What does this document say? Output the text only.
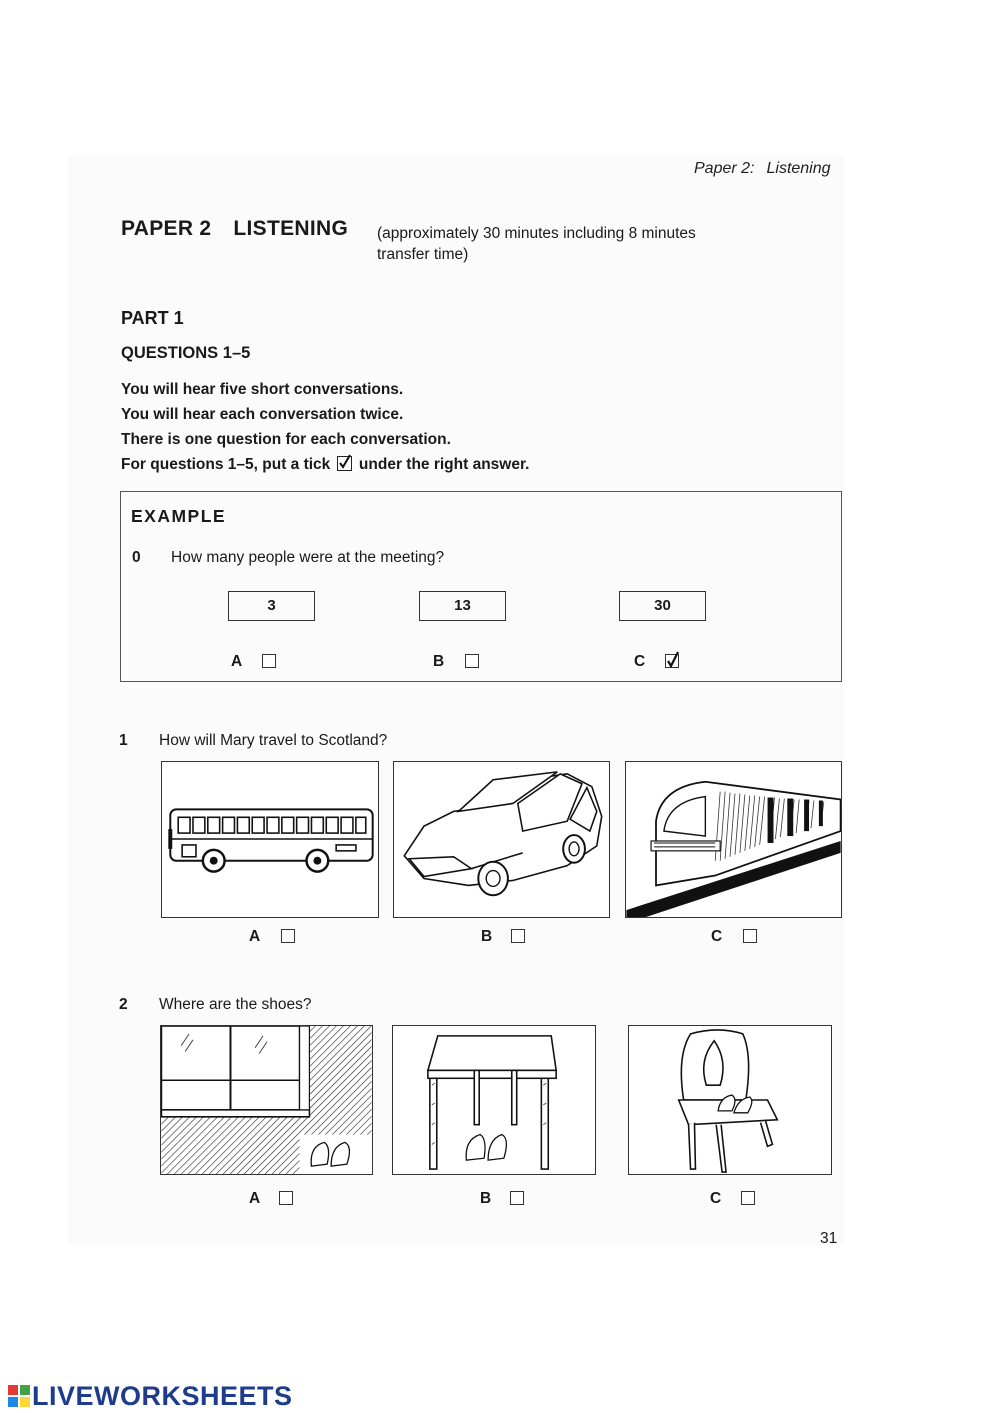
Paper 2: Listening
PAPER 2 LISTENING (approximately 30 minutes including 8 minutes transfer time)
PART 1
QUESTIONS 1–5
You will hear five short conversations.
You will hear each conversation twice.
There is one question for each conversation.
For questions 1–5, put a tick under the right answer.
EXAMPLE
0 How many people were at the meeting?
3	13	30
A	B	C
1 How will Mary travel to Scotland?
A	B	C
2 Where are the shoes?
A	B	C
31
LIVEWORKSHEETS
